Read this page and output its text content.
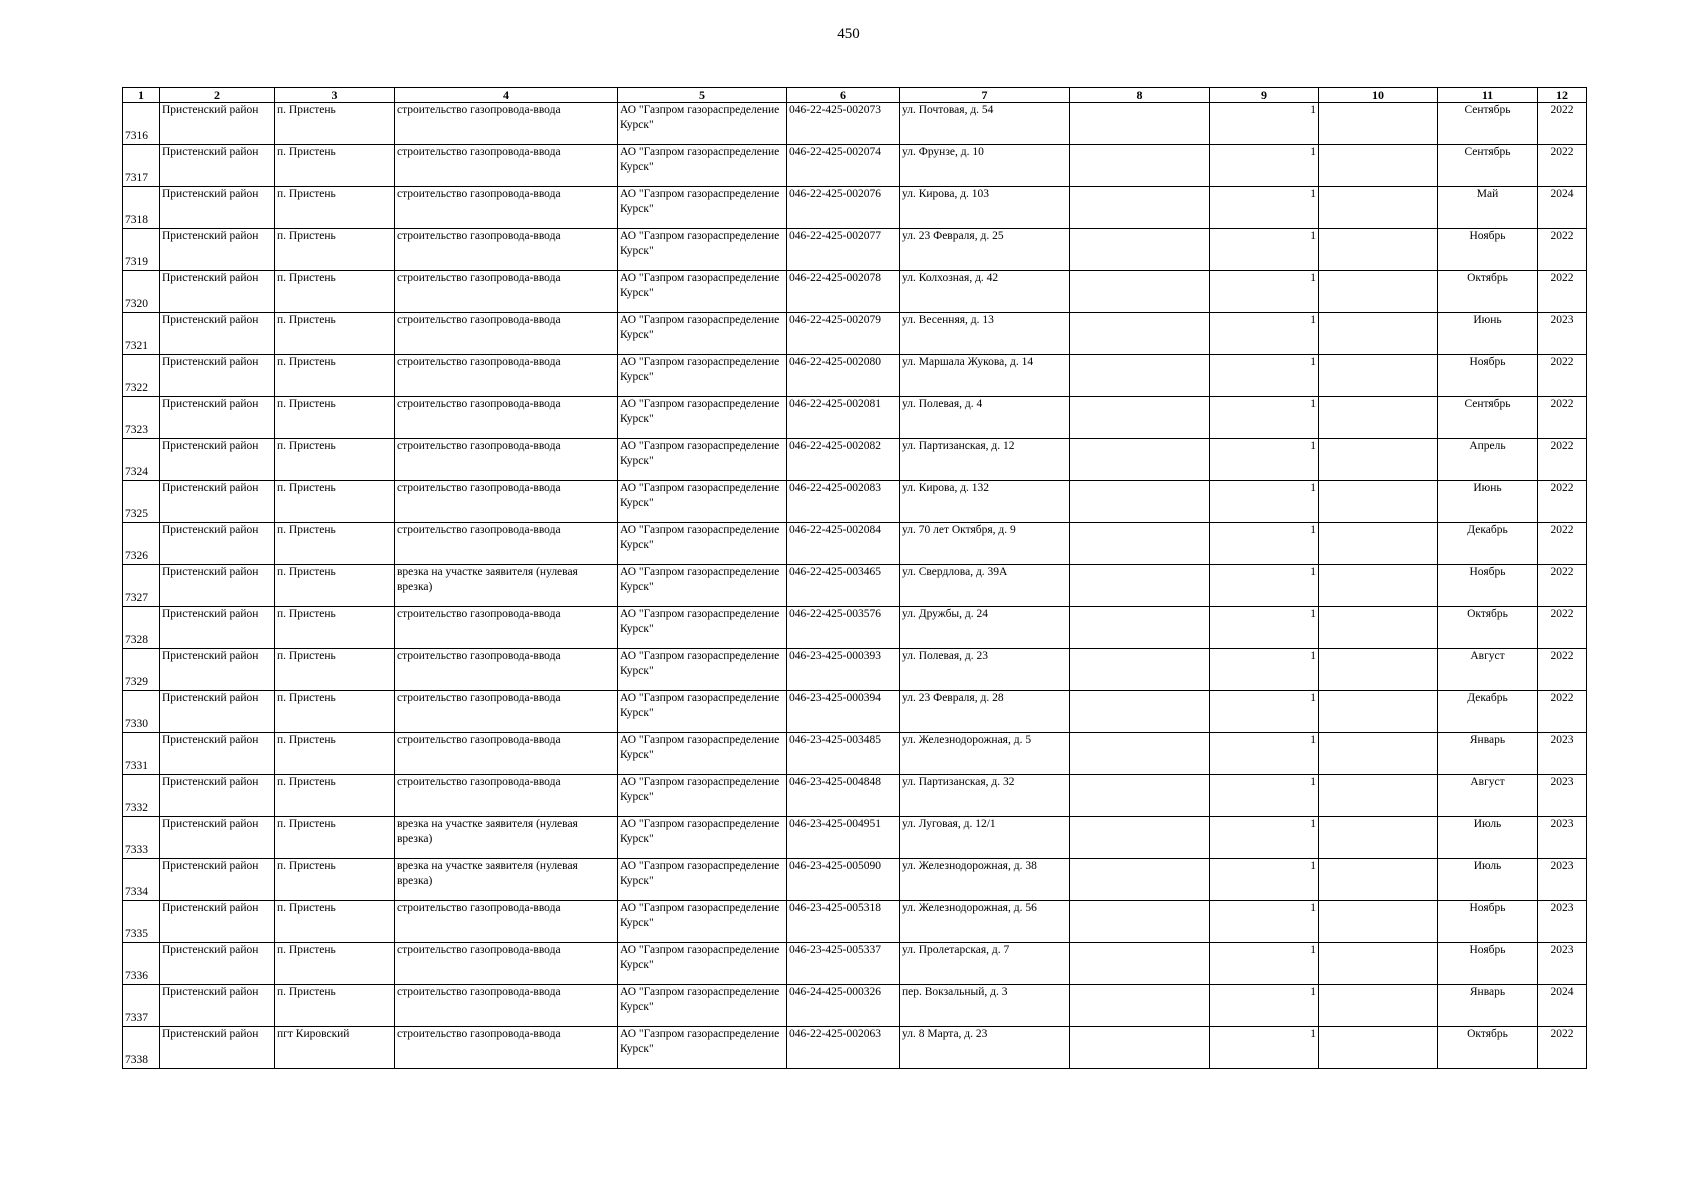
450
1	2	3	4	5	6	7	8	9	10	11	12
7316	Пристенский район	п. Пристень	строительство газопровода-ввода	АО "Газпром газораспределение Курск"	046-22-425-002073	ул. Почтовая, д. 54		1		Сентябрь	2022
7317	Пристенский район	п. Пристень	строительство газопровода-ввода	АО "Газпром газораспределение Курск"	046-22-425-002074	ул. Фрунзе, д. 10		1		Сентябрь	2022
7318	Пристенский район	п. Пристень	строительство газопровода-ввода	АО "Газпром газораспределение Курск"	046-22-425-002076	ул. Кирова, д. 103		1		Май	2024
7319	Пристенский район	п. Пристень	строительство газопровода-ввода	АО "Газпром газораспределение Курск"	046-22-425-002077	ул. 23 Февраля, д. 25		1		Ноябрь	2022
7320	Пристенский район	п. Пристень	строительство газопровода-ввода	АО "Газпром газораспределение Курск"	046-22-425-002078	ул. Колхозная, д. 42		1		Октябрь	2022
7321	Пристенский район	п. Пристень	строительство газопровода-ввода	АО "Газпром газораспределение Курск"	046-22-425-002079	ул. Весенняя, д. 13		1		Июнь	2023
7322	Пристенский район	п. Пристень	строительство газопровода-ввода	АО "Газпром газораспределение Курск"	046-22-425-002080	ул. Маршала Жукова, д. 14		1		Ноябрь	2022
7323	Пристенский район	п. Пристень	строительство газопровода-ввода	АО "Газпром газораспределение Курск"	046-22-425-002081	ул. Полевая, д. 4		1		Сентябрь	2022
7324	Пристенский район	п. Пристень	строительство газопровода-ввода	АО "Газпром газораспределение Курск"	046-22-425-002082	ул. Партизанская, д. 12		1		Апрель	2022
7325	Пристенский район	п. Пристень	строительство газопровода-ввода	АО "Газпром газораспределение Курск"	046-22-425-002083	ул. Кирова, д. 132		1		Июнь	2022
7326	Пристенский район	п. Пристень	строительство газопровода-ввода	АО "Газпром газораспределение Курск"	046-22-425-002084	ул. 70 лет Октября, д. 9		1		Декабрь	2022
7327	Пристенский район	п. Пристень	врезка на участке заявителя (нулевая врезка)	АО "Газпром газораспределение Курск"	046-22-425-003465	ул. Свердлова, д. 39А		1		Ноябрь	2022
7328	Пристенский район	п. Пристень	строительство газопровода-ввода	АО "Газпром газораспределение Курск"	046-22-425-003576	ул. Дружбы, д. 24		1		Октябрь	2022
7329	Пристенский район	п. Пристень	строительство газопровода-ввода	АО "Газпром газораспределение Курск"	046-23-425-000393	ул. Полевая, д. 23		1		Август	2022
7330	Пристенский район	п. Пристень	строительство газопровода-ввода	АО "Газпром газораспределение Курск"	046-23-425-000394	ул. 23 Февраля, д. 28		1		Декабрь	2022
7331	Пристенский район	п. Пристень	строительство газопровода-ввода	АО "Газпром газораспределение Курск"	046-23-425-003485	ул. Железнодорожная, д. 5		1		Январь	2023
7332	Пристенский район	п. Пристень	строительство газопровода-ввода	АО "Газпром газораспределение Курск"	046-23-425-004848	ул. Партизанская, д. 32		1		Август	2023
7333	Пристенский район	п. Пристень	врезка на участке заявителя (нулевая врезка)	АО "Газпром газораспределение Курск"	046-23-425-004951	ул. Луговая, д. 12/1		1		Июль	2023
7334	Пристенский район	п. Пристень	врезка на участке заявителя (нулевая врезка)	АО "Газпром газораспределение Курск"	046-23-425-005090	ул. Железнодорожная, д. 38		1		Июль	2023
7335	Пристенский район	п. Пристень	строительство газопровода-ввода	АО "Газпром газораспределение Курск"	046-23-425-005318	ул. Железнодорожная, д. 56		1		Ноябрь	2023
7336	Пристенский район	п. Пристень	строительство газопровода-ввода	АО "Газпром газораспределение Курск"	046-23-425-005337	ул. Пролетарская, д. 7		1		Ноябрь	2023
7337	Пристенский район	п. Пристень	строительство газопровода-ввода	АО "Газпром газораспределение Курск"	046-24-425-000326	пер. Вокзальный, д. 3		1		Январь	2024
7338	Пристенский район	пгт Кировский	строительство газопровода-ввода	АО "Газпром газораспределение Курск"	046-22-425-002063	ул. 8 Марта, д. 23		1		Октябрь	2022
